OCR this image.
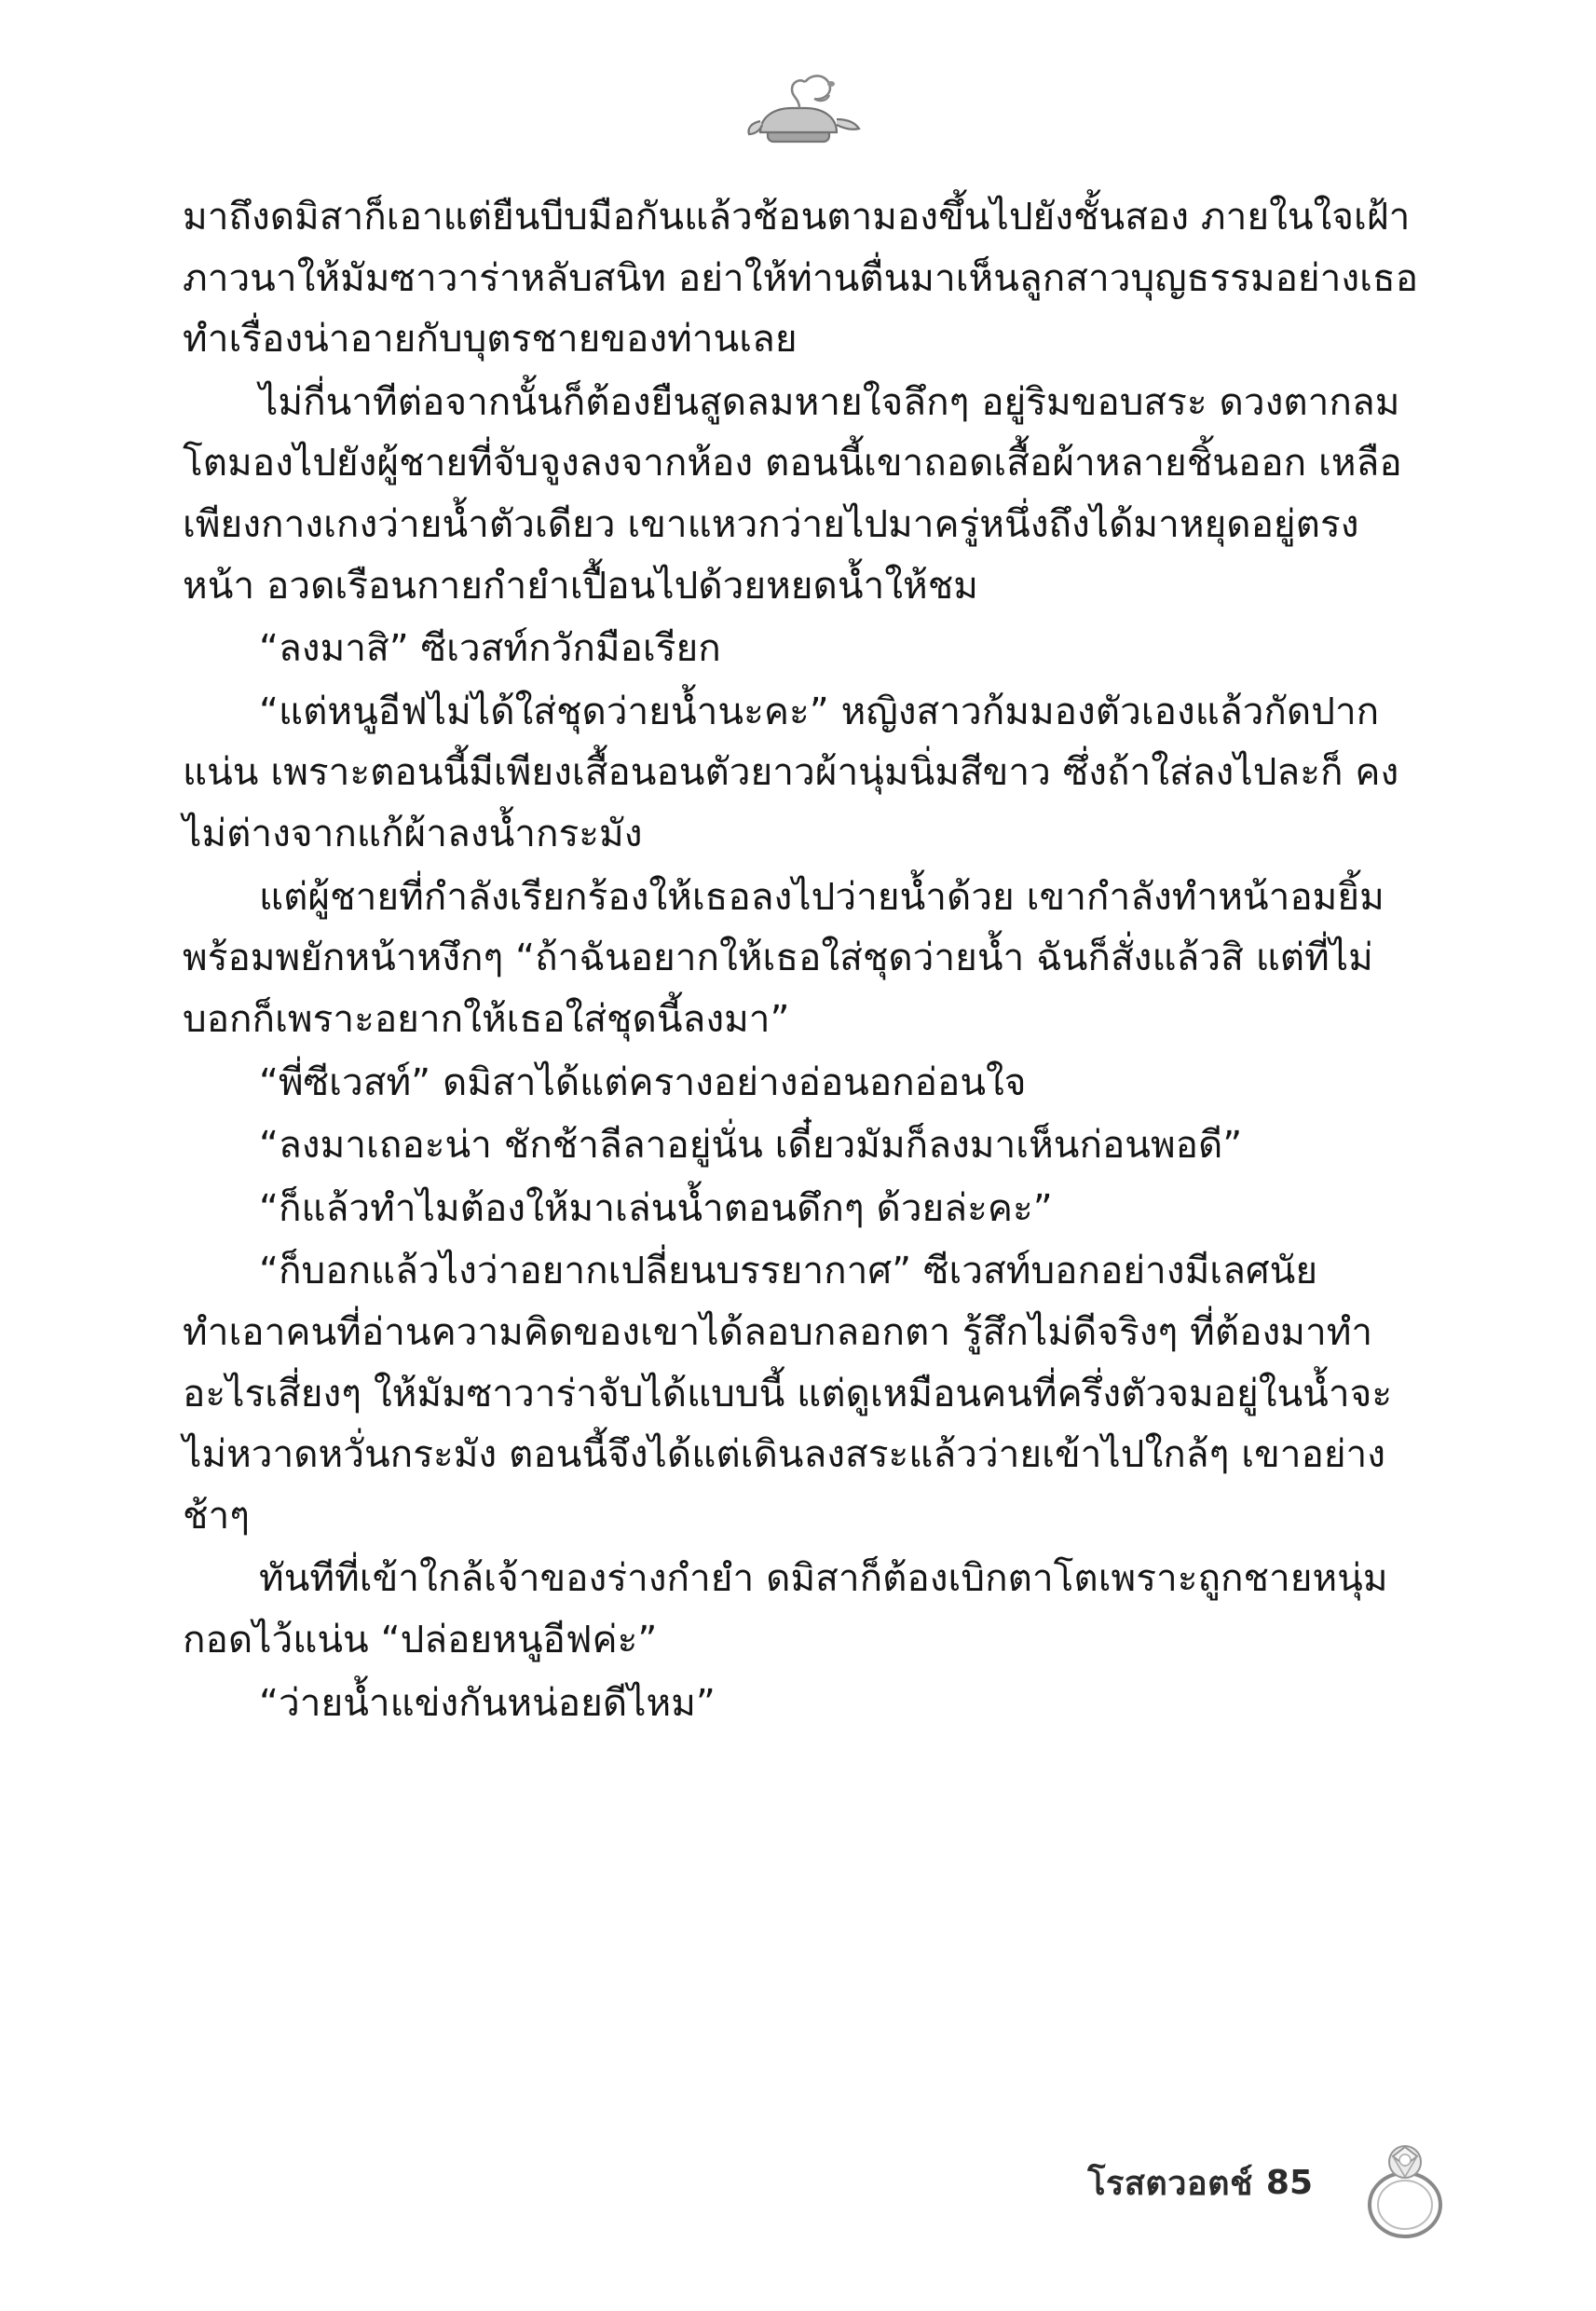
มาถึงดมิสาก็เอาแต่ยืนบีบมือกันแล้วช้อนตามองขึ้นไปยังชั้นสอง ภายในใจเฝ้าภาวนาให้มัมซาวาร่าหลับสนิท อย่าให้ท่านตื่นมาเห็นลูกสาวบุญธรรมอย่างเธอทำเรื่องน่าอายกับบุตรชายของท่านเลย

ไม่กี่นาทีต่อจากนั้นก็ต้องยืนสูดลมหายใจลึกๆ อยู่ริมขอบสระ ดวงตากลมโตมองไปยังผู้ชายที่จับจูงลงจากห้อง ตอนนี้เขาถอดเสื้อผ้าหลายชิ้นออก เหลือเพียงกางเกงว่ายน้ำตัวเดียว เขาแหวกว่ายไปมาครู่หนึ่งถึงได้มาหยุดอยู่ตรงหน้า อวดเรือนกายกำยำเปื้อนไปด้วยหยดน้ำให้ชม

“ลงมาสิ” ซีเวสท์กวักมือเรียก

“แต่หนูอีฟไม่ได้ใส่ชุดว่ายน้ำนะคะ” หญิงสาวก้มมองตัวเองแล้วกัดปากแน่น เพราะตอนนี้มีเพียงเสื้อนอนตัวยาวผ้านุ่มนิ่มสีขาว ซึ่งถ้าใส่ลงไปละก็ คงไม่ต่างจากแก้ผ้าลงน้ำกระมัง

แต่ผู้ชายที่กำลังเรียกร้องให้เธอลงไปว่ายน้ำด้วย เขากำลังทำหน้าอมยิ้มพร้อมพยักหน้าหงึกๆ “ถ้าฉันอยากให้เธอใส่ชุดว่ายน้ำ ฉันก็สั่งแล้วสิ แต่ที่ไม่บอกก็เพราะอยากให้เธอใส่ชุดนี้ลงมา”

“พี่ซีเวสท์” ดมิสาได้แต่ครางอย่างอ่อนอกอ่อนใจ

“ลงมาเถอะน่า ชักช้าลีลาอยู่นั่น เดี๋ยวมัมก็ลงมาเห็นก่อนพอดี”

“ก็แล้วทำไมต้องให้มาเล่นน้ำตอนดึกๆ ด้วยล่ะคะ”

“ก็บอกแล้วไงว่าอยากเปลี่ยนบรรยากาศ” ซีเวสท์บอกอย่างมีเลศนัย ทำเอาคนที่อ่านความคิดของเขาได้ลอบกลอกตา รู้สึกไม่ดีจริงๆ ที่ต้องมาทำอะไรเสี่ยงๆ ให้มัมซาวาร่าจับได้แบบนี้ แต่ดูเหมือนคนที่ครึ่งตัวจมอยู่ในน้ำจะไม่หวาดหวั่นกระมัง ตอนนี้จึงได้แต่เดินลงสระแล้วว่ายเข้าไปใกล้ๆ เขาอย่างช้าๆ

ทันทีที่เข้าใกล้เจ้าของร่างกำยำ ดมิสาก็ต้องเบิกตาโตเพราะถูกชายหนุ่มกอดไว้แน่น “ปล่อยหนูอีฟค่ะ”

“ว่ายน้ำแข่งกันหน่อยดีไหม”

โรสตวอตช์ 85
